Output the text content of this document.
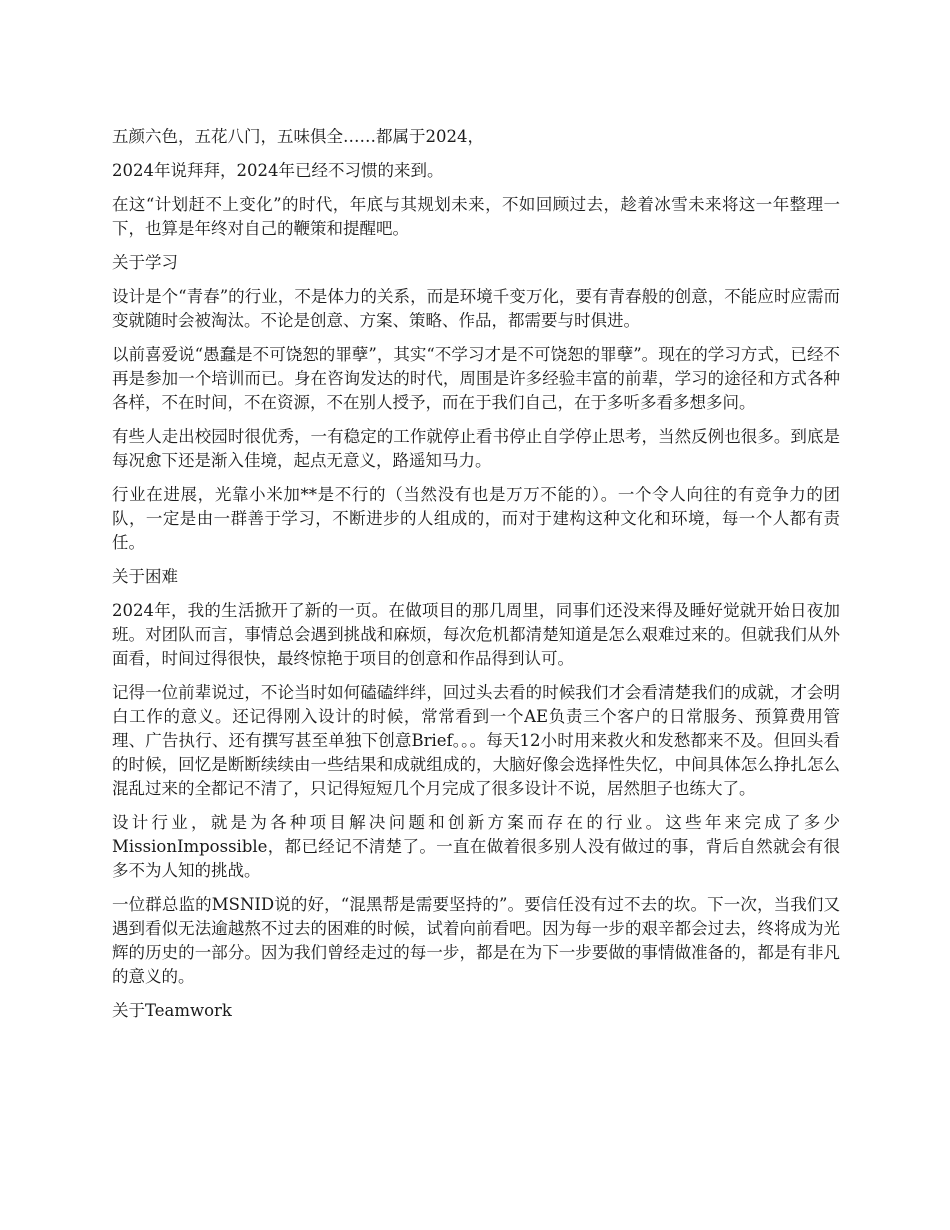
五颜六色，五花八门，五味俱全……都属于2024，

2024年说拜拜，2024年已经不习惯的来到。

在这“计划赶不上变化”的时代，年底与其规划未来，不如回顾过去，趁着冰雪未来将这一年整理一下，也算是年终对自己的鞭策和提醒吧。

关于学习

设计是个“青春”的行业，不是体力的关系，而是环境千变万化，要有青春般的创意，不能应时应需而变就随时会被淘汰。不论是创意、方案、策略、作品，都需要与时俱进。

以前喜爱说“愚蠢是不可饶恕的罪孽”，其实“不学习才是不可饶恕的罪孽”。现在的学习方式，已经不再是参加一个培训而已。身在咨询发达的时代，周围是许多经验丰富的前辈，学习的途径和方式各种各样，不在时间，不在资源，不在别人授予，而在于我们自己，在于多听多看多想多问。

有些人走出校园时很优秀，一有稳定的工作就停止看书停止自学停止思考，当然反例也很多。到底是每况愈下还是渐入佳境，起点无意义，路遥知马力。

行业在进展，光靠小米加**是不行的（当然没有也是万万不能的）。一个令人向往的有竞争力的团队，一定是由一群善于学习，不断进步的人组成的，而对于建构这种文化和环境，每一个人都有责任。

关于困难

2024年，我的生活掀开了新的一页。在做项目的那几周里，同事们还没来得及睡好觉就开始日夜加班。对团队而言，事情总会遇到挑战和麻烦，每次危机都清楚知道是怎么艰难过来的。但就我们从外面看，时间过得很快，最终惊艳于项目的创意和作品得到认可。

记得一位前辈说过，不论当时如何磕磕绊绊，回过头去看的时候我们才会看清楚我们的成就，才会明白工作的意义。还记得刚入设计的时候，常常看到一个AE负责三个客户的日常服务、预算费用管理、广告执行、还有撰写甚至单独下创意Brief。。。每天12小时用来救火和发愁都来不及。但回头看的时候，回忆是断断续续由一些结果和成就组成的，大脑好像会选择性失忆，中间具体怎么挣扎怎么混乱过来的全都记不清了，只记得短短几个月完成了很多设计不说，居然胆子也练大了。

设计行业，就是为各种项目解决问题和创新方案而存在的行业。这些年来完成了多少MissionImpossible，都已经记不清楚了。一直在做着很多别人没有做过的事，背后自然就会有很多不为人知的挑战。

一位群总监的MSNID说的好，“混黑帮是需要坚持的”。要信任没有过不去的坎。下一次，当我们又遇到看似无法逾越熬不过去的困难的时候，试着向前看吧。因为每一步的艰辛都会过去，终将成为光辉的历史的一部分。因为我们曾经走过的每一步，都是在为下一步要做的事情做准备的，都是有非凡的意义的。

关于Teamwork
